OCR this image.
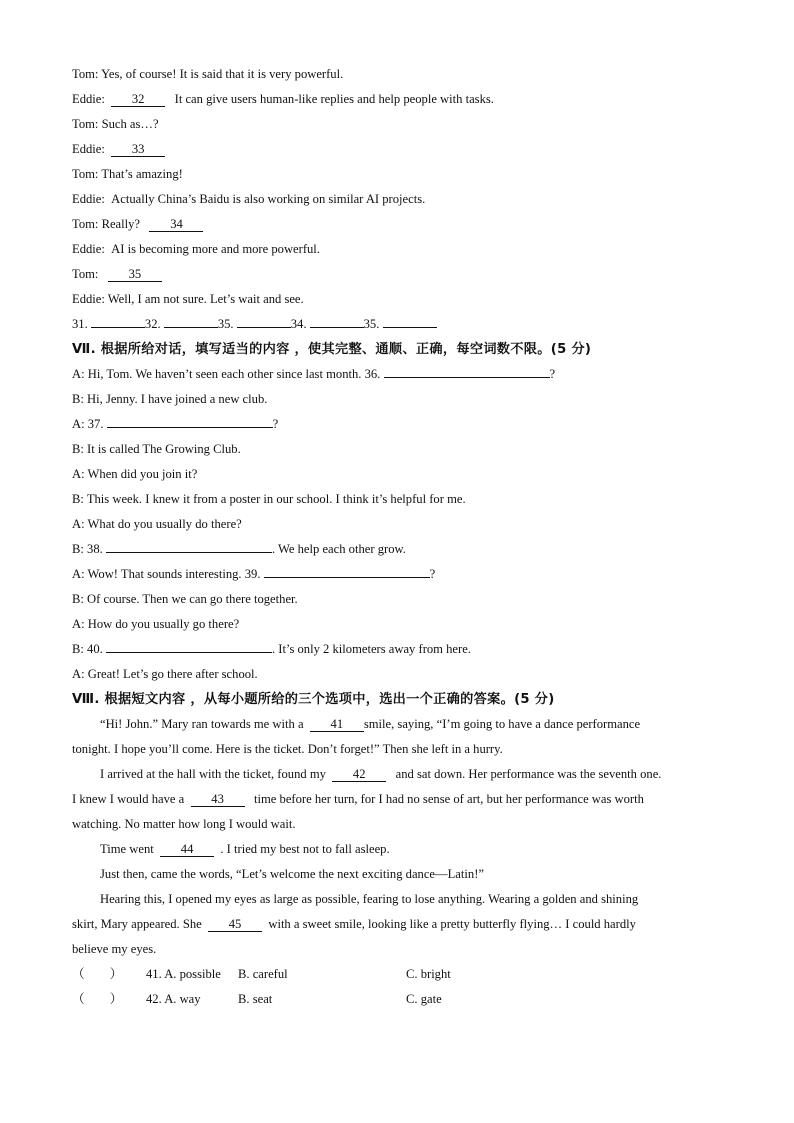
Tom: Yes, of course! It is said that it is very powerful.
Eddie: 32 It can give users human-like replies and help people with tasks.
Tom: Such as…?
Eddie: 33
Tom: That’s amazing!
Eddie: Actually China’s Baidu is also working on similar AI projects.
Tom: Really? 34
Eddie: AI is becoming more and more powerful.
Tom: 35
Eddie: Well, I am not sure. Let’s wait and see.
31.	32.	35.	34.	35.
Ⅶ. 根据所给对话，填写适当的内容 ，使其完整、通顺、正确，每空词数不限。(5 分)
A: Hi, Tom. We haven’t seen each other since last month. 36.	?
B: Hi, Jenny. I have joined a new club.
A: 37.	?
B: It is called The Growing Club.
A: When did you join it?
B: This week. I knew it from a poster in our school. I think it’s helpful for me.
A: What do you usually do there?
B: 38.	. We help each other grow.
A: Wow! That sounds interesting. 39.	?
B: Of course. Then we can go there together.
A: How do you usually go there?
B: 40.	. It’s only 2 kilometers away from here.
A: Great! Let’s go there after school.
Ⅷ. 根据短文内容 ，从每小题所给的三个选项中，选出一个正确的答案。(5 分)
“Hi! John.” Mary ran towards me with a 41 smile, saying, “I’m going to have a dance performance
tonight. I hope you’ll come. Here is the ticket. Don’t forget!” Then she left in a hurry.
I arrived at the hall with the ticket, found my 42 and sat down. Her performance was the seventh one.
I knew I would have a 43 time before her turn, for I had no sense of art, but her performance was worth
watching. No matter how long I would wait.
Time went 44 . I tried my best not to fall asleep.
Just then, came the words, “Let’s welcome the next exciting dance—Latin!”
Hearing this, I opened my eyes as large as possible, fearing to lose anything. Wearing a golden and shining
skirt, Mary appeared. She 45 with a sweet smile, looking like a pretty butterfly flying… I could hardly
believe my eyes.
（　　） 41. A. possible B. careful	C. bright
（　　） 42. A. way	B. seat	C. gate
